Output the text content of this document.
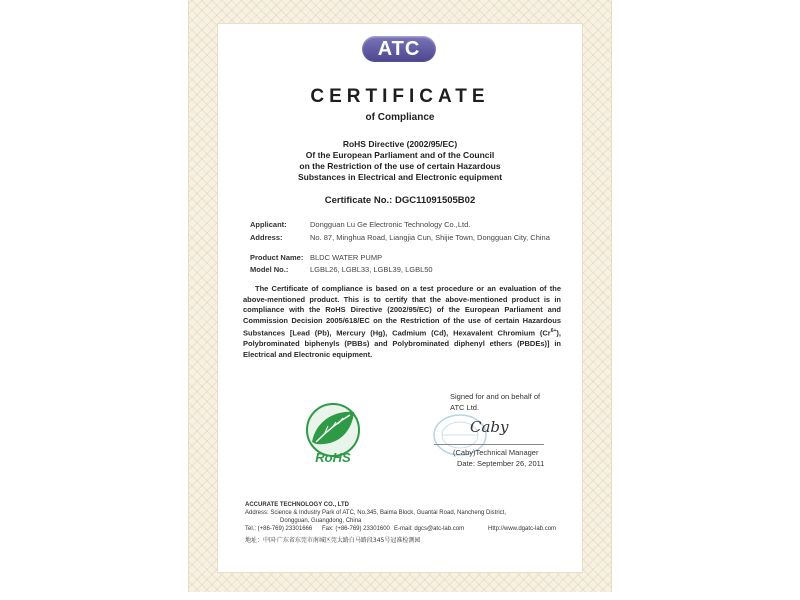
ATC
CERTIFICATE
of Compliance
RoHS Directive (2002/95/EC)
Of the European Parliament and of the Council
on the Restriction of the use of certain Hazardous
Substances in Electrical and Electronic equipment
Certificate No.: DGC11091505B02
Applicant:	Dongguan Lu Ge Electronic Technology Co.,Ltd.
Address:	No. 87, Minghua Road, Liangjia Cun, Shijie Town, Dongguan City, China
Product Name: BLDC WATER PUMP
Model No.:	LGBL26, LGBL33, LGBL39, LGBL50
The Certificate of compliance is based on a test procedure or an evaluation of the above-mentioned product. This is to certify that the above-mentioned product is in compliance with the RoHS Directive (2002/95/EC) of the European Parliament and Commission Decision 2005/618/EC on the Restriction of the use of certain Hazardous Substances [Lead (Pb), Mercury (Hg), Cadmium (Cd), Hexavalent Chromium $(Cr^{6+})$, Polybrominated biphenyls (PBBs) and Polybrominated diphenyl ethers (PBDEs)] in Electrical and Electronic equipment.
RoHS
Signed for and on behalf of
ATC Ltd.
Caby
(Caby)Technical Manager
Date: September 26, 2011
ACCURATE TECHNOLOGY CO., LTD
Address: Science & Industry Park of ATC, No.345, Baima Block, Guantai Road, Nancheng District,
Dongguan, Guangdong, China
Tel.: (+86-769) 23301666 Fax: (+86-769) 23301600 E-mail: dgcs@atc-lab.com	Http://www.dgatc-lab.com
地址：中国·广东省东莞市南城区莞太路白马路段345号冠准检测园
